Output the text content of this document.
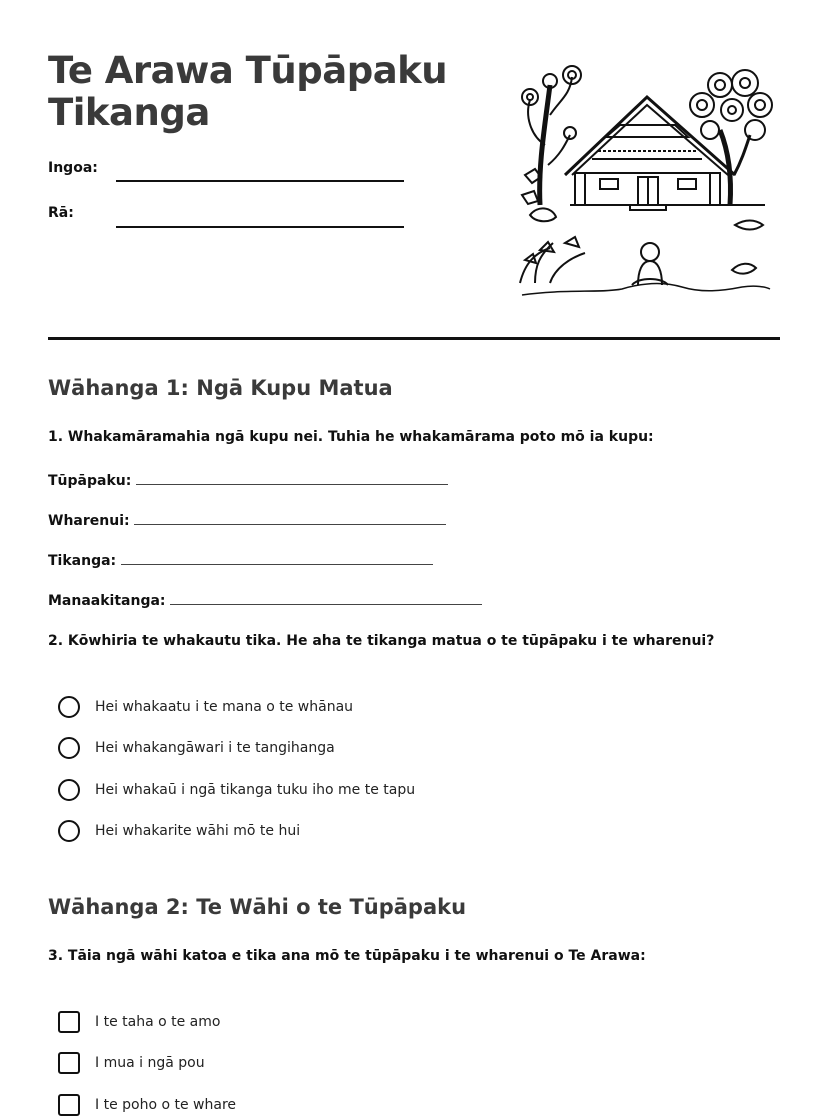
Te Arawa Tūpāpaku
Tikanga
Ingoa:
Rā:
Wāhanga 1: Ngā Kupu Matua
1. Whakamāramahia ngā kupu nei. Tuhia he whakamārama poto mō ia kupu:
Tūpāpaku:
Wharenui:
Tikanga:
Manaakitanga:
2. Kōwhiria te whakautu tika. He aha te tikanga matua o te tūpāpaku i te wharenui?
Hei whakaatu i te mana o te whānau
Hei whakangāwari i te tangihanga
Hei whakaū i ngā tikanga tuku iho me te tapu
Hei whakarite wāhi mō te hui
Wāhanga 2: Te Wāhi o te Tūpāpaku
3. Tāia ngā wāhi katoa e tika ana mō te tūpāpaku i te wharenui o Te Arawa:
I te taha o te amo
I mua i ngā pou
I te poho o te whare
